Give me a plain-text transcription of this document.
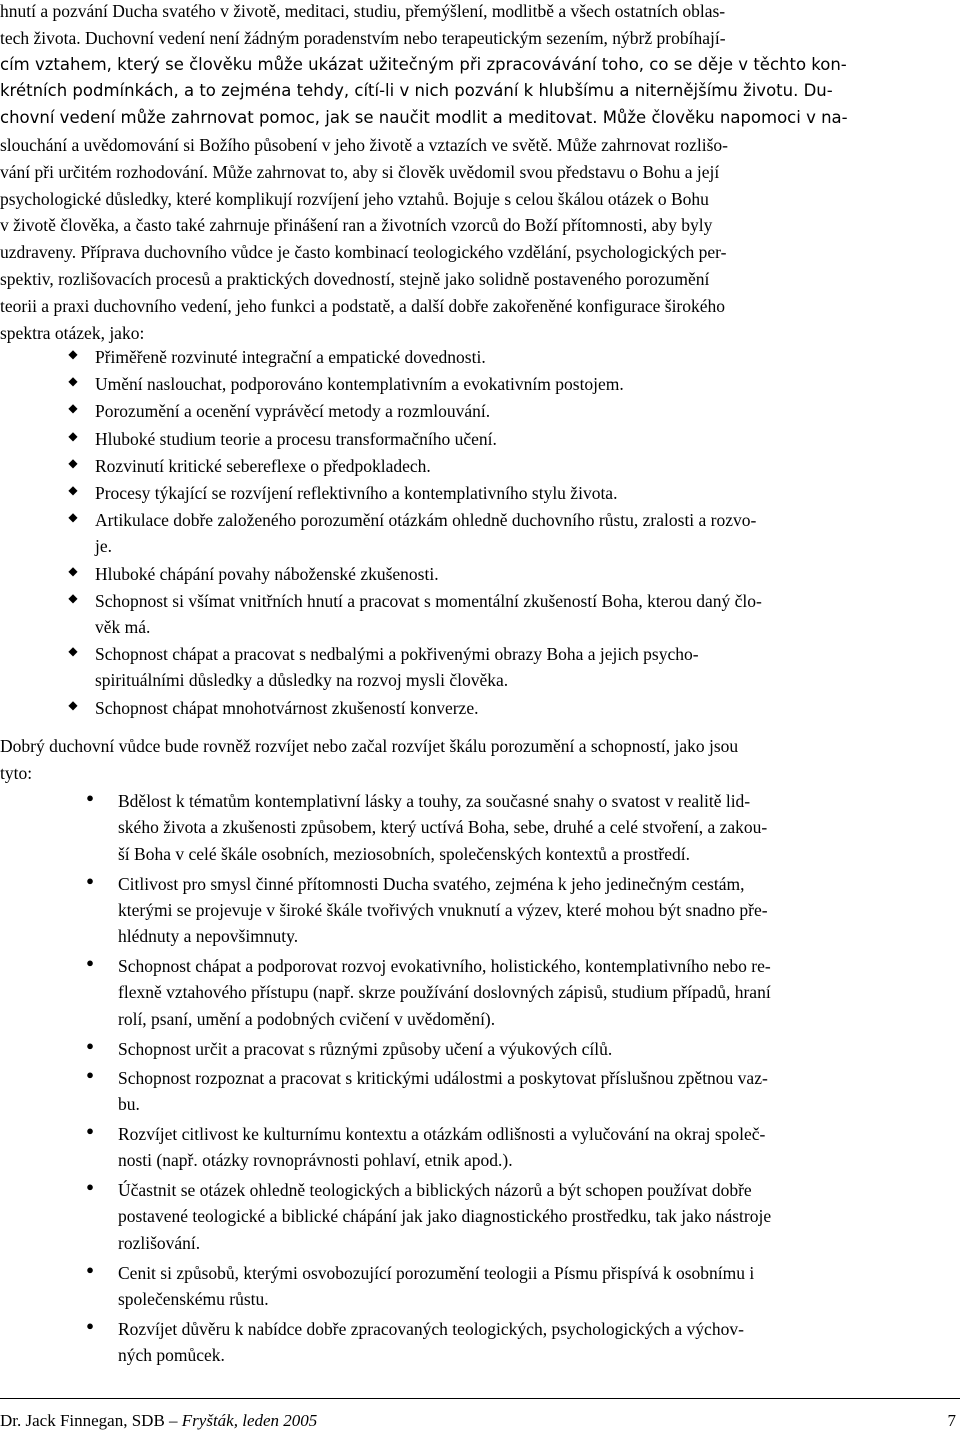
hnutí a pozvání Ducha svatého v životě, meditaci, studiu, přemýšlení, modlitbě a všech ostatních oblas-
tech života. Duchovní vedení není žádným poradenstvím nebo terapeutickým sezením, nýbrž probíhají-
cím vztahem, který se člověku může ukázat užitečným při zpracovávání toho, co se děje v těchto kon-
krétních podmínkách, a to zejména tehdy, cítí-li v nich pozvání k hlubšímu a niternějšímu životu. Du-
chovní vedení může zahrnovat pomoc, jak se naučit modlit a meditovat. Může člověku napomoci v na-
slouchání a uvědomování si Božího působení v jeho životě a vztazích ve světě. Může zahrnovat rozlišo-
vání při určitém rozhodování. Může zahrnovat to, aby si člověk uvědomil svou představu o Bohu a její
psychologické důsledky, které komplikují rozvíjení jeho vztahů. Bojuje s celou škálou otázek o Bohu
v životě člověka, a často také zahrnuje přinášení ran a životních vzorců do Boží přítomnosti, aby byly
uzdraveny. Příprava duchovního vůdce je často kombinací teologického vzdělání, psychologických per-
spektiv, rozlišovacích procesů a praktických dovedností, stejně jako solidně postaveného porozumění
teorii a praxi duchovního vedení, jeho funkci a podstatě, a další dobře zakořeněné konfigurace širokého
spektra otázek, jako:
◆ Přiměřeně rozvinuté integrační a empatické dovednosti.
◆ Umění naslouchat, podporováno kontemplativním a evokativním postojem.
◆ Porozumění a ocenění vyprávěcí metody a rozmlouvání.
◆ Hluboké studium teorie a procesu transformačního učení.
◆ Rozvinutí kritické sebereflexe o předpokladech.
◆ Procesy týkající se rozvíjení reflektivního a kontemplativního stylu života.
◆ Artikulace dobře založeného porozumění otázkám ohledně duchovního růstu, zralosti a rozvo-
je.
◆ Hluboké chápání povahy náboženské zkušenosti.
◆ Schopnost si všímat vnitřních hnutí a pracovat s momentální zkušeností Boha, kterou daný člo-
věk má.
◆ Schopnost chápat a pracovat s nedbalými a pokřivenými obrazy Boha a jejich psycho-
spirituálními důsledky a důsledky na rozvoj mysli člověka.
◆ Schopnost chápat mnohotvárnost zkušeností konverze.
Dobrý duchovní vůdce bude rovněž rozvíjet nebo začal rozvíjet škálu porozumění a schopností, jako jsou
tyto:
● Bdělost k tématům kontemplativní lásky a touhy, za současné snahy o svatost v realitě lid-
ského života a zkušenosti způsobem, který uctívá Boha, sebe, druhé a celé stvoření, a zakou-
ší Boha v celé škále osobních, meziosobních, společenských kontextů a prostředí.
● Citlivost pro smysl činné přítomnosti Ducha svatého, zejména k jeho jedinečným cestám,
kterými se projevuje v široké škále tvořivých vnuknutí a výzev, které mohou být snadno pře-
hlédnuty a nepovšimnuty.
● Schopnost chápat a podporovat rozvoj evokativního, holistického, kontemplativního nebo re-
flexně vztahového přístupu (např. skrze používání doslovných zápisů, studium případů, hraní
rolí, psaní, umění a podobných cvičení v uvědomění).
● Schopnost určit a pracovat s různými způsoby učení a výukových cílů.
● Schopnost rozpoznat a pracovat s kritickými událostmi a poskytovat příslušnou zpětnou vaz-
bu.
● Rozvíjet citlivost ke kulturnímu kontextu a otázkám odlišnosti a vylučování na okraj společ-
nosti (např. otázky rovnoprávnosti pohlaví, etnik apod.).
● Účastnit se otázek ohledně teologických a biblických názorů a být schopen používat dobře
postavené teologické a biblické chápání jak jako diagnostického prostředku, tak jako nástroje
rozlišování.
● Cenit si způsobů, kterými osvobozující porozumění teologii a Písmu přispívá k osobnímu i
společenskému růstu.
● Rozvíjet důvěru k nabídce dobře zpracovaných teologických, psychologických a výchov-
ných pomůcek.
Dr. Jack Finnegan, SDB – Fryšták, leden 2005	7
